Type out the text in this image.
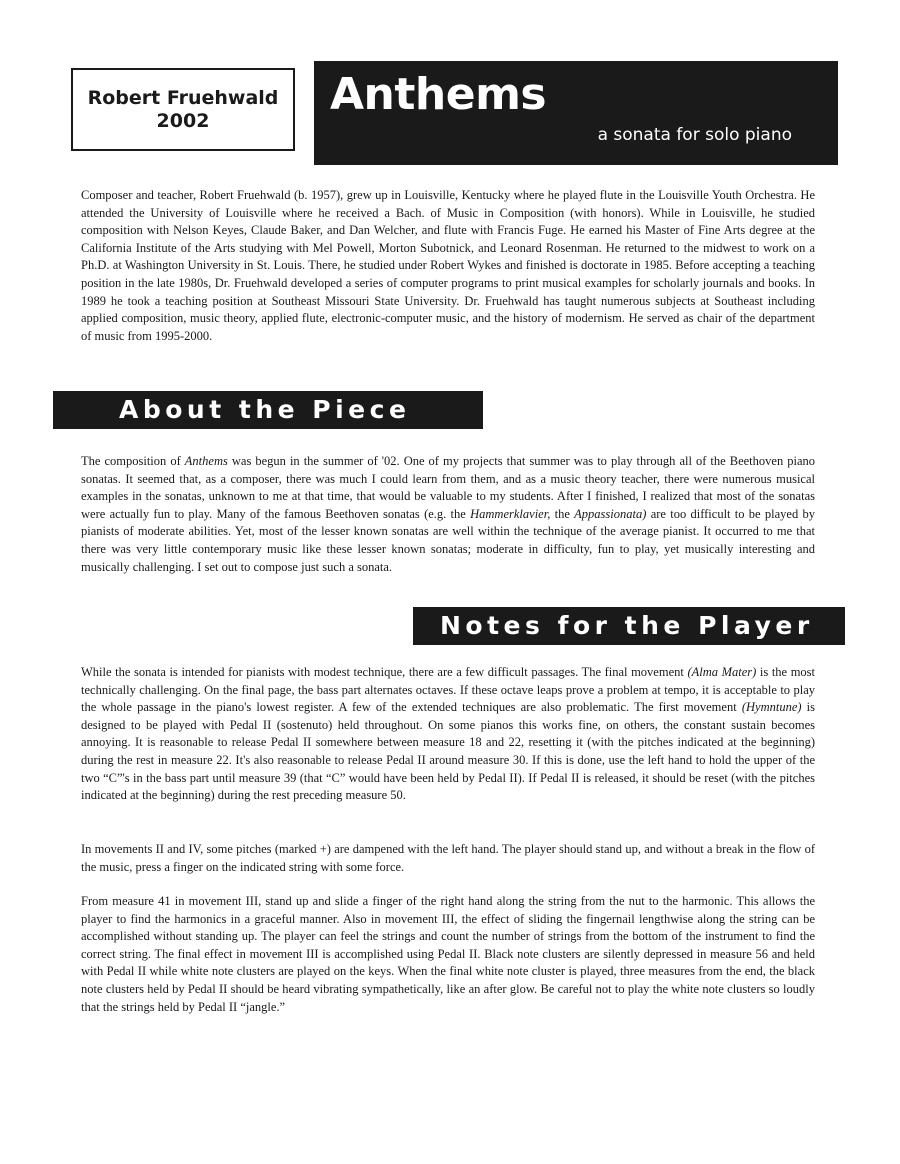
Robert Fruehwald
2002
Anthems
a sonata for solo piano

Composer and teacher, Robert Fruehwald (b. 1957), grew up in Louisville, Kentucky where he played flute in the Louisville Youth Orchestra. He attended the University of Louisville where he received a Bach. of Music in Composition (with honors). While in Louisville, he studied composition with Nelson Keyes, Claude Baker, and Dan Welcher, and flute with Francis Fuge. He earned his Master of Fine Arts degree at the California Institute of the Arts studying with Mel Powell, Morton Subotnick, and Leonard Rosenman. He returned to the midwest to work on a Ph.D. at Washington University in St. Louis. There, he studied under Robert Wykes and finished is doctorate in 1985. Before accepting a teaching position in the late 1980s, Dr. Fruehwald developed a series of computer programs to print musical examples for scholarly journals and books. In 1989 he took a teaching position at Southeast Missouri State University. Dr. Fruehwald has taught numerous subjects at Southeast including applied composition, music theory, applied flute, electronic-computer music, and the history of modernism. He served as chair of the department of music from 1995-2000.

About the Piece

The composition of Anthems was begun in the summer of '02. One of my projects that summer was to play through all of the Beethoven piano sonatas. It seemed that, as a composer, there was much I could learn from them, and as a music theory teacher, there were numerous musical examples in the sonatas, unknown to me at that time, that would be valuable to my students. After I finished, I realized that most of the sonatas were actually fun to play. Many of the famous Beethoven sonatas (e.g. the Hammerklavier, the Appassionata) are too difficult to be played by pianists of moderate abilities. Yet, most of the lesser known sonatas are well within the technique of the average pianist. It occurred to me that there was very little contemporary music like these lesser known sonatas; moderate in difficulty, fun to play, yet musically interesting and musically challenging. I set out to compose just such a sonata.

Notes for the Player

While the sonata is intended for pianists with modest technique, there are a few difficult passages. The final movement (Alma Mater) is the most technically challenging. On the final page, the bass part alternates octaves. If these octave leaps prove a problem at tempo, it is acceptable to play the whole passage in the piano's lowest register. A few of the extended techniques are also problematic. The first movement (Hymntune) is designed to be played with Pedal II (sostenuto) held throughout. On some pianos this works fine, on others, the constant sustain becomes annoying. It is reasonable to release Pedal II somewhere between measure 18 and 22, resetting it (with the pitches indicated at the beginning) during the rest in measure 22. It's also reasonable to release Pedal II around measure 30. If this is done, use the left hand to hold the upper of the two “C”'s in the bass part until measure 39 (that “C” would have been held by Pedal II). If Pedal II is released, it should be reset (with the pitches indicated at the beginning) during the rest preceding measure 50.

In movements II and IV, some pitches (marked +) are dampened with the left hand. The player should stand up, and without a break in the flow of the music, press a finger on the indicated string with some force.

From measure 41 in movement III, stand up and slide a finger of the right hand along the string from the nut to the harmonic. This allows the player to find the harmonics in a graceful manner. Also in movement III, the effect of sliding the fingernail lengthwise along the string can be accomplished without standing up. The player can feel the strings and count the number of strings from the bottom of the instrument to find the correct string. The final effect in movement III is accomplished using Pedal II. Black note clusters are silently depressed in measure 56 and held with Pedal II while white note clusters are played on the keys. When the final white note cluster is played, three measures from the end, the black note clusters held by Pedal II should be heard vibrating sympathetically, like an after glow. Be careful not to play the white note clusters so loudly that the strings held by Pedal II “jangle.”
